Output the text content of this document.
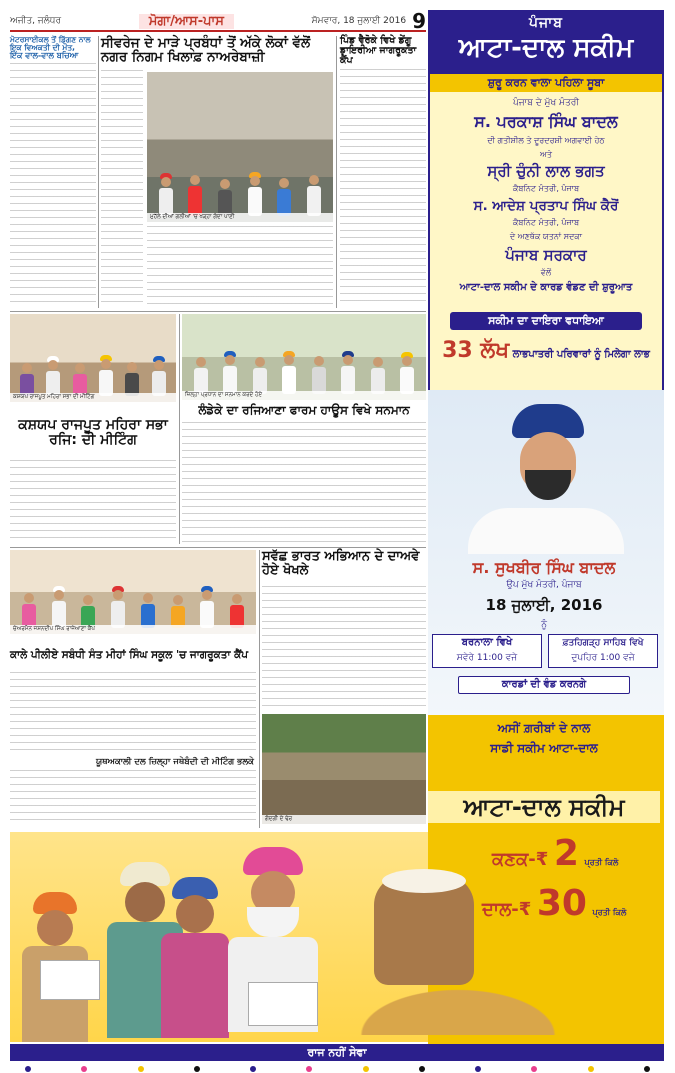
ਅਜੀਤ, ਜਲੰਧਰ	ਮੋਗਾ/ਆਸ-ਪਾਸ	ਸੋਮਵਾਰ, 18 ਜੁਲਾਈ 2016 9
ਮੋਟਰਸਾਈਕਲ ਤੋਂ ਡਿੱਗਣ ਨਾਲ ਇਕ ਵਿਅਕਤੀ ਦੀ ਮੌਤ,
ਇੱਕ ਵਾਲ-ਵਾਲ ਬਚਿਆ
ਸੀਵਰੇਜ ਦੇ ਮਾੜੇ ਪ੍ਰਬੰਧਾਂ ਤੋਂ ਅੱਕੇ ਲੋਕਾਂ ਵੱਲੋਂ ਨਗਰ ਨਿਗਮ ਖਿਲਾਫ਼ ਨਾਅਰੇਬਾਜ਼ੀ
ਮੁਹੱਲੇ ਦੀਆਂ ਗਲੀਆਂ 'ਚ ਖੜ੍ਹਾ ਗੰਦਾ ਪਾਣੀ
ਪਿੰਡ ਵੈਰੋਕੇ ਵਿਖੇ ਡੇਂਗੂ ਡਾਇਰੀਆ ਜਾਗਰੂਕਤਾ ਕੈਂਪ
ਕਸ਼ਯਪ ਰਾਜਪੂਤ ਮਹਿਰਾ ਸਭਾ ਦੀ ਮੀਟਿੰਗ
ਕਸ਼ਯਪ ਰਾਜਪੂਤ ਮਹਿਰਾ ਸਭਾ ਰਜਿ: ਦੀ ਮੀਟਿੰਗ
ਜ਼ਿਲ੍ਹਾ ਪ੍ਰਧਾਨ ਦਾ ਸਨਮਾਨ ਕਰਦੇ ਹੋਏ
ਲੰਡੇਕੇ ਦਾ ਰਜਿਆਣਾ ਫਾਰਮ ਹਾਊਸ ਵਿਖੇ ਸਨਮਾਨ
ਚੇਅਰਮੈਨ ਜਸ਼ਨਦੀਪ ਸਿੰਘ ਰਾਜੇਆਣਾ ਕੈਂਪ
ਕਾਲੇ ਪੀਲੀਏ ਸਬੰਧੀ ਸੰਤ ਮੀਹਾਂ ਸਿੰਘ ਸਕੂਲ 'ਚ ਜਾਗਰੂਕਤਾ ਕੈਂਪ
ਯੂਥਅਕਾਲੀ ਦਲ ਜ਼ਿਲ੍ਹਾ ਜਥੇਬੰਦੀ ਦੀ ਮੀਟਿੰਗ ਭਲਕੇ
ਸਵੱਛ ਭਾਰਤ ਅਭਿਆਨ ਦੇ ਦਾਅਵੇ ਹੋਏ ਖੋਖਲੇ
ਗੰਦਗੀ ਦੇ ਢੇਰ
ਪੰਜਾਬ
ਆਟਾ-ਦਾਲ ਸਕੀਮ
ਸ਼ੁਰੂ ਕਰਨ ਵਾਲਾ ਪਹਿਲਾ ਸੂਬਾ
ਪੰਜਾਬ ਦੇ ਮੁੱਖ ਮੰਤਰੀ
ਸ. ਪਰਕਾਸ਼ ਸਿੰਘ ਬਾਦਲ
ਦੀ ਗਤੀਸ਼ੀਲ ਤੇ ਦੂਰਦਰਸ਼ੀ ਅਗਵਾਈ ਹੇਠ
ਅਤੇ
ਸ੍ਰੀ ਚੁੰਨੀ ਲਾਲ ਭਗਤ
ਕੈਬਨਿਟ ਮੰਤਰੀ, ਪੰਜਾਬ
ਸ. ਆਦੇਸ਼ ਪ੍ਰਤਾਪ ਸਿੰਘ ਕੈਰੋਂ
ਕੈਬਨਿਟ ਮੰਤਰੀ, ਪੰਜਾਬ
ਦੇ ਅਣਥੱਕ ਯਤਨਾਂ ਸਦਕਾ
ਪੰਜਾਬ ਸਰਕਾਰ
ਵੱਲੋਂ
ਆਟਾ-ਦਾਲ ਸਕੀਮ ਦੇ ਕਾਰਡ ਵੰਡਣ ਦੀ ਸ਼ੁਰੂਆਤ
ਸਕੀਮ ਦਾ ਦਾਇਰਾ ਵਧਾਇਆ
33 ਲੱਖ ਲਾਭਪਾਤਰੀ ਪਰਿਵਾਰਾਂ ਨੂੰ ਮਿਲੇਗਾ ਲਾਭ
ਸ. ਸੁਖਬੀਰ ਸਿੰਘ ਬਾਦਲ
ਉਪ ਮੁੱਖ ਮੰਤਰੀ, ਪੰਜਾਬ
18 ਜੁਲਾਈ, 2016
ਨੂੰ
ਬਰਨਾਲਾ ਵਿਖੇ
ਸਵੇਰੇ 11:00 ਵਜੇ
ਫ਼ਤਹਿਗੜ੍ਹ ਸਾਹਿਬ ਵਿਖੇ
ਦੁਪਹਿਰ 1:00 ਵਜੇ
ਕਾਰਡਾਂ ਦੀ ਵੰਡ ਕਰਨਗੇ
ਅਸੀਂ ਗ਼ਰੀਬਾਂ ਦੇ ਨਾਲ
ਸਾਡੀ ਸਕੀਮ ਆਟਾ-ਦਾਲ
ਆਟਾ-ਦਾਲ ਸਕੀਮ
ਕਣਕ-₹ 2 ਪ੍ਰਤੀ ਕਿਲੋ
ਦਾਲ-₹ 30 ਪ੍ਰਤੀ ਕਿਲੋ
ਰਾਜ ਨਹੀਂ ਸੇਵਾ
